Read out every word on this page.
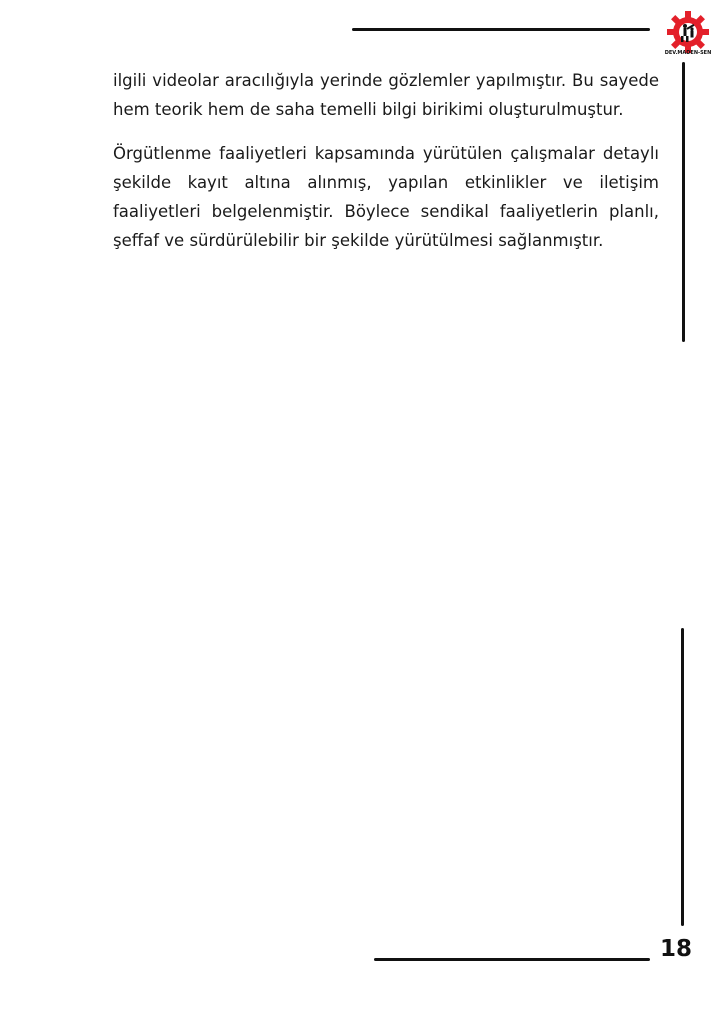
DEV.MADEN-SEN

ilgili videolar aracılığıyla yerinde gözlemler yapılmıştır. Bu sayede hem teorik hem de saha temelli bilgi birikimi oluşturulmuştur.

Örgütlenme faaliyetleri kapsamında yürütülen çalışmalar detaylı şekilde kayıt altına alınmış, yapılan etkinlikler ve iletişim faaliyetleri belgelenmiştir. Böylece sendikal faaliyetlerin planlı, şeffaf ve sürdürülebilir bir şekilde yürütülmesi sağlanmıştır.

18
